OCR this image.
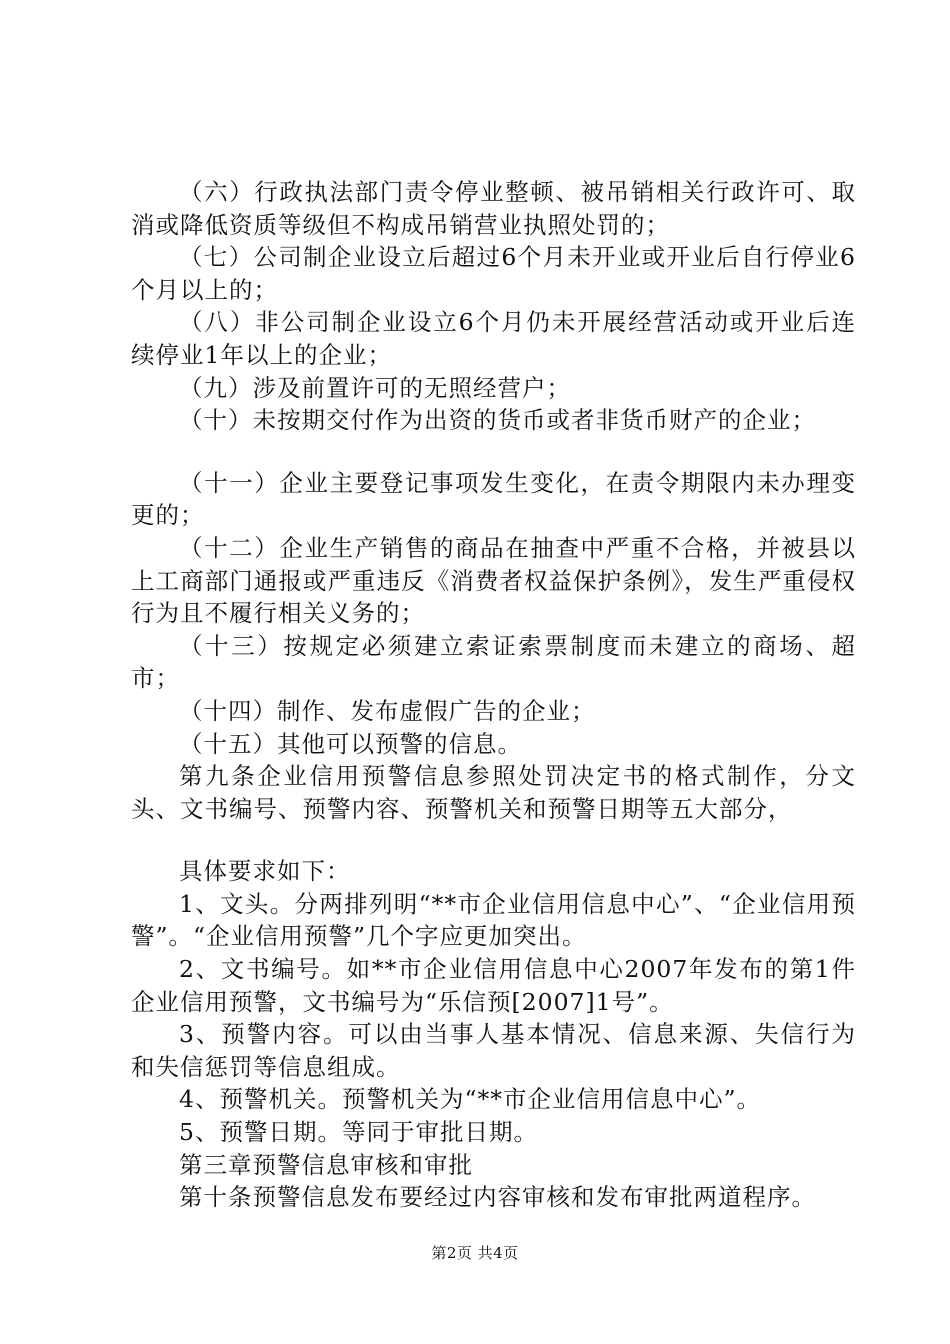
（六）行政执法部门责令停业整顿、被吊销相关行政许可、取消或降低资质等级但不构成吊销营业执照处罚的；

（七）公司制企业设立后超过6个月未开业或开业后自行停业6个月以上的；

（八）非公司制企业设立6个月仍未开展经营活动或开业后连续停业1年以上的企业；

（九）涉及前置许可的无照经营户；

（十）未按期交付作为出资的货币或者非货币财产的企业；

（十一）企业主要登记事项发生变化，在责令期限内未办理变更的；

（十二）企业生产销售的商品在抽查中严重不合格，并被县以上工商部门通报或严重违反《消费者权益保护条例》，发生严重侵权行为且不履行相关义务的；

（十三）按规定必须建立索证索票制度而未建立的商场、超市；

（十四）制作、发布虚假广告的企业；

（十五）其他可以预警的信息。

第九条企业信用预警信息参照处罚决定书的格式制作，分文头、文书编号、预警内容、预警机关和预警日期等五大部分，

具体要求如下：

1、文头。分两排列明“**市企业信用信息中心”、“企业信用预警”。“企业信用预警”几个字应更加突出。

2、文书编号。如**市企业信用信息中心2007年发布的第1件企业信用预警，文书编号为“乐信预[2007]1号”。

3、预警内容。可以由当事人基本情况、信息来源、失信行为和失信惩罚等信息组成。

4、预警机关。预警机关为“**市企业信用信息中心”。

5、预警日期。等同于审批日期。

第三章预警信息审核和审批

第十条预警信息发布要经过内容审核和发布审批两道程序。

第2页 共4页
